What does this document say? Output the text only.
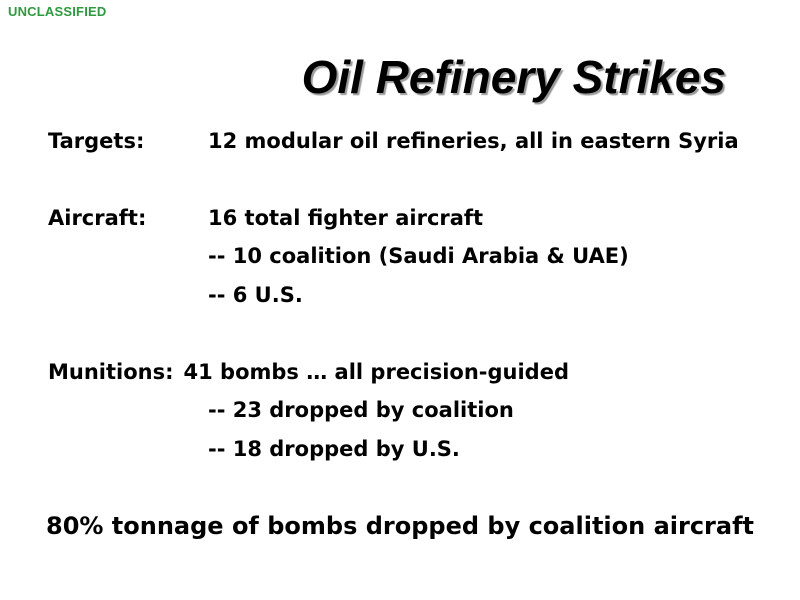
UNCLASSIFIED
Oil Refinery Strikes
Targets:	12 modular oil refineries, all in eastern Syria
Aircraft:	16 total fighter aircraft
-- 10 coalition (Saudi Arabia & UAE)
-- 6 U.S.
Munitions: 41 bombs … all precision-guided
-- 23 dropped by coalition
-- 18 dropped by U.S.
80% tonnage of bombs dropped by coalition aircraft
